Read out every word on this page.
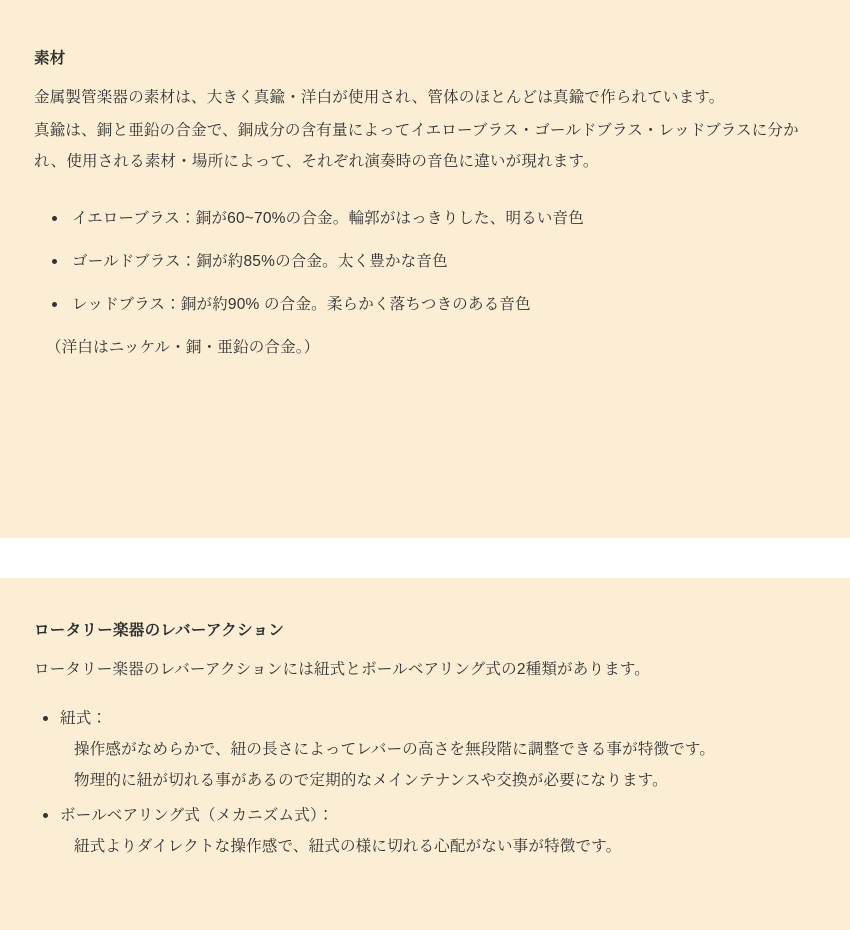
素材

金属製管楽器の素材は、大きく真鍮・洋白が使用され、管体のほとんどは真鍮で作られています。

真鍮は、銅と亜鉛の合金で、銅成分の含有量によってイエローブラス・ゴールドブラス・レッドブラスに分かれ、使用される素材・場所によって、それぞれ演奏時の音色に違いが現れます。

イエローブラス：銅が60~70%の合金。輪郭がはっきりした、明るい音色
ゴールドブラス：銅が約85%の合金。太く豊かな音色
レッドブラス：銅が約90% の合金。柔らかく落ちつきのある音色
（洋白はニッケル・銅・亜鉛の合金。）
ロータリー楽器のレバーアクション

ロータリー楽器のレバーアクションには紐式とボールベアリング式の2種類があります。

紐式：
操作感がなめらかで、紐の長さによってレバーの高さを無段階に調整できる事が特徴です。
物理的に紐が切れる事があるので定期的なメインテナンスや交換が必要になります。
ボールベアリング式（メカニズム式）：
紐式よりダイレクトな操作感で、紐式の様に切れる心配がない事が特徴です。
